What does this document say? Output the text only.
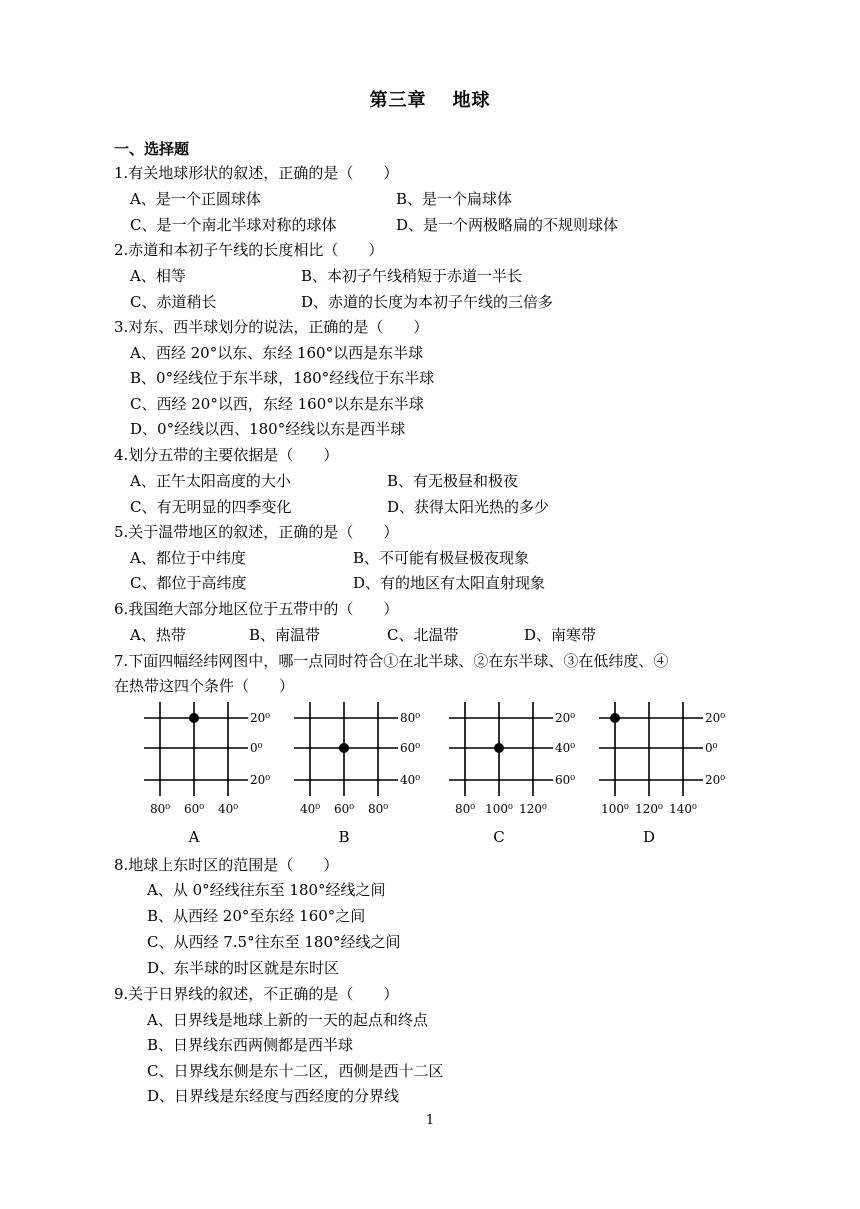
第三章 地球
一、选择题
1.有关地球形状的叙述，正确的是（　　）
A、是一个正圆球体	B、是一个扁球体
C、是一个南北半球对称的球体	D、是一个两极略扁的不规则球体
2.赤道和本初子午线的长度相比（　　）
A、相等	B、本初子午线稍短于赤道一半长
C、赤道稍长	D、赤道的长度为本初子午线的三倍多
3.对东、西半球划分的说法，正确的是（　　）
A、西经 20°以东、东经 160°以西是东半球
B、0°经线位于东半球，180°经线位于东半球
C、西经 20°以西，东经 160°以东是东半球
D、0°经线以西、180°经线以东是西半球
4.划分五带的主要依据是（　　）
A、正午太阳高度的大小	B、有无极昼和极夜
C、有无明显的四季变化	D、获得太阳光热的多少
5.关于温带地区的叙述，正确的是（　　）
A、都位于中纬度	B、不可能有极昼极夜现象
C、都位于高纬度	D、有的地区有太阳直射现象
6.我国绝大部分地区位于五带中的（　　）
A、热带	B、南温带	C、北温带	D、南寒带
7.下面四幅经纬网图中，哪一点同时符合①在北半球、②在东半球、③在低纬度、④
在热带这四个条件（　　）
20⁰
0⁰
20⁰
80⁰ 60⁰ 40⁰
A
80⁰
60⁰
40⁰
40⁰ 60⁰ 80⁰
B
20⁰
40⁰
60⁰
80⁰ 100⁰ 120⁰
C
20⁰
0⁰
20⁰
100⁰ 120⁰ 140⁰
D
8.地球上东时区的范围是（　　）
A、从 0°经线往东至 180°经线之间
B、从西经 20°至东经 160°之间
C、从西经 7.5°往东至 180°经线之间
D、东半球的时区就是东时区
9.关于日界线的叙述，不正确的是（　　）
A、日界线是地球上新的一天的起点和终点
B、日界线东西两侧都是西半球
C、日界线东侧是东十二区，西侧是西十二区
D、日界线是东经度与西经度的分界线
1
